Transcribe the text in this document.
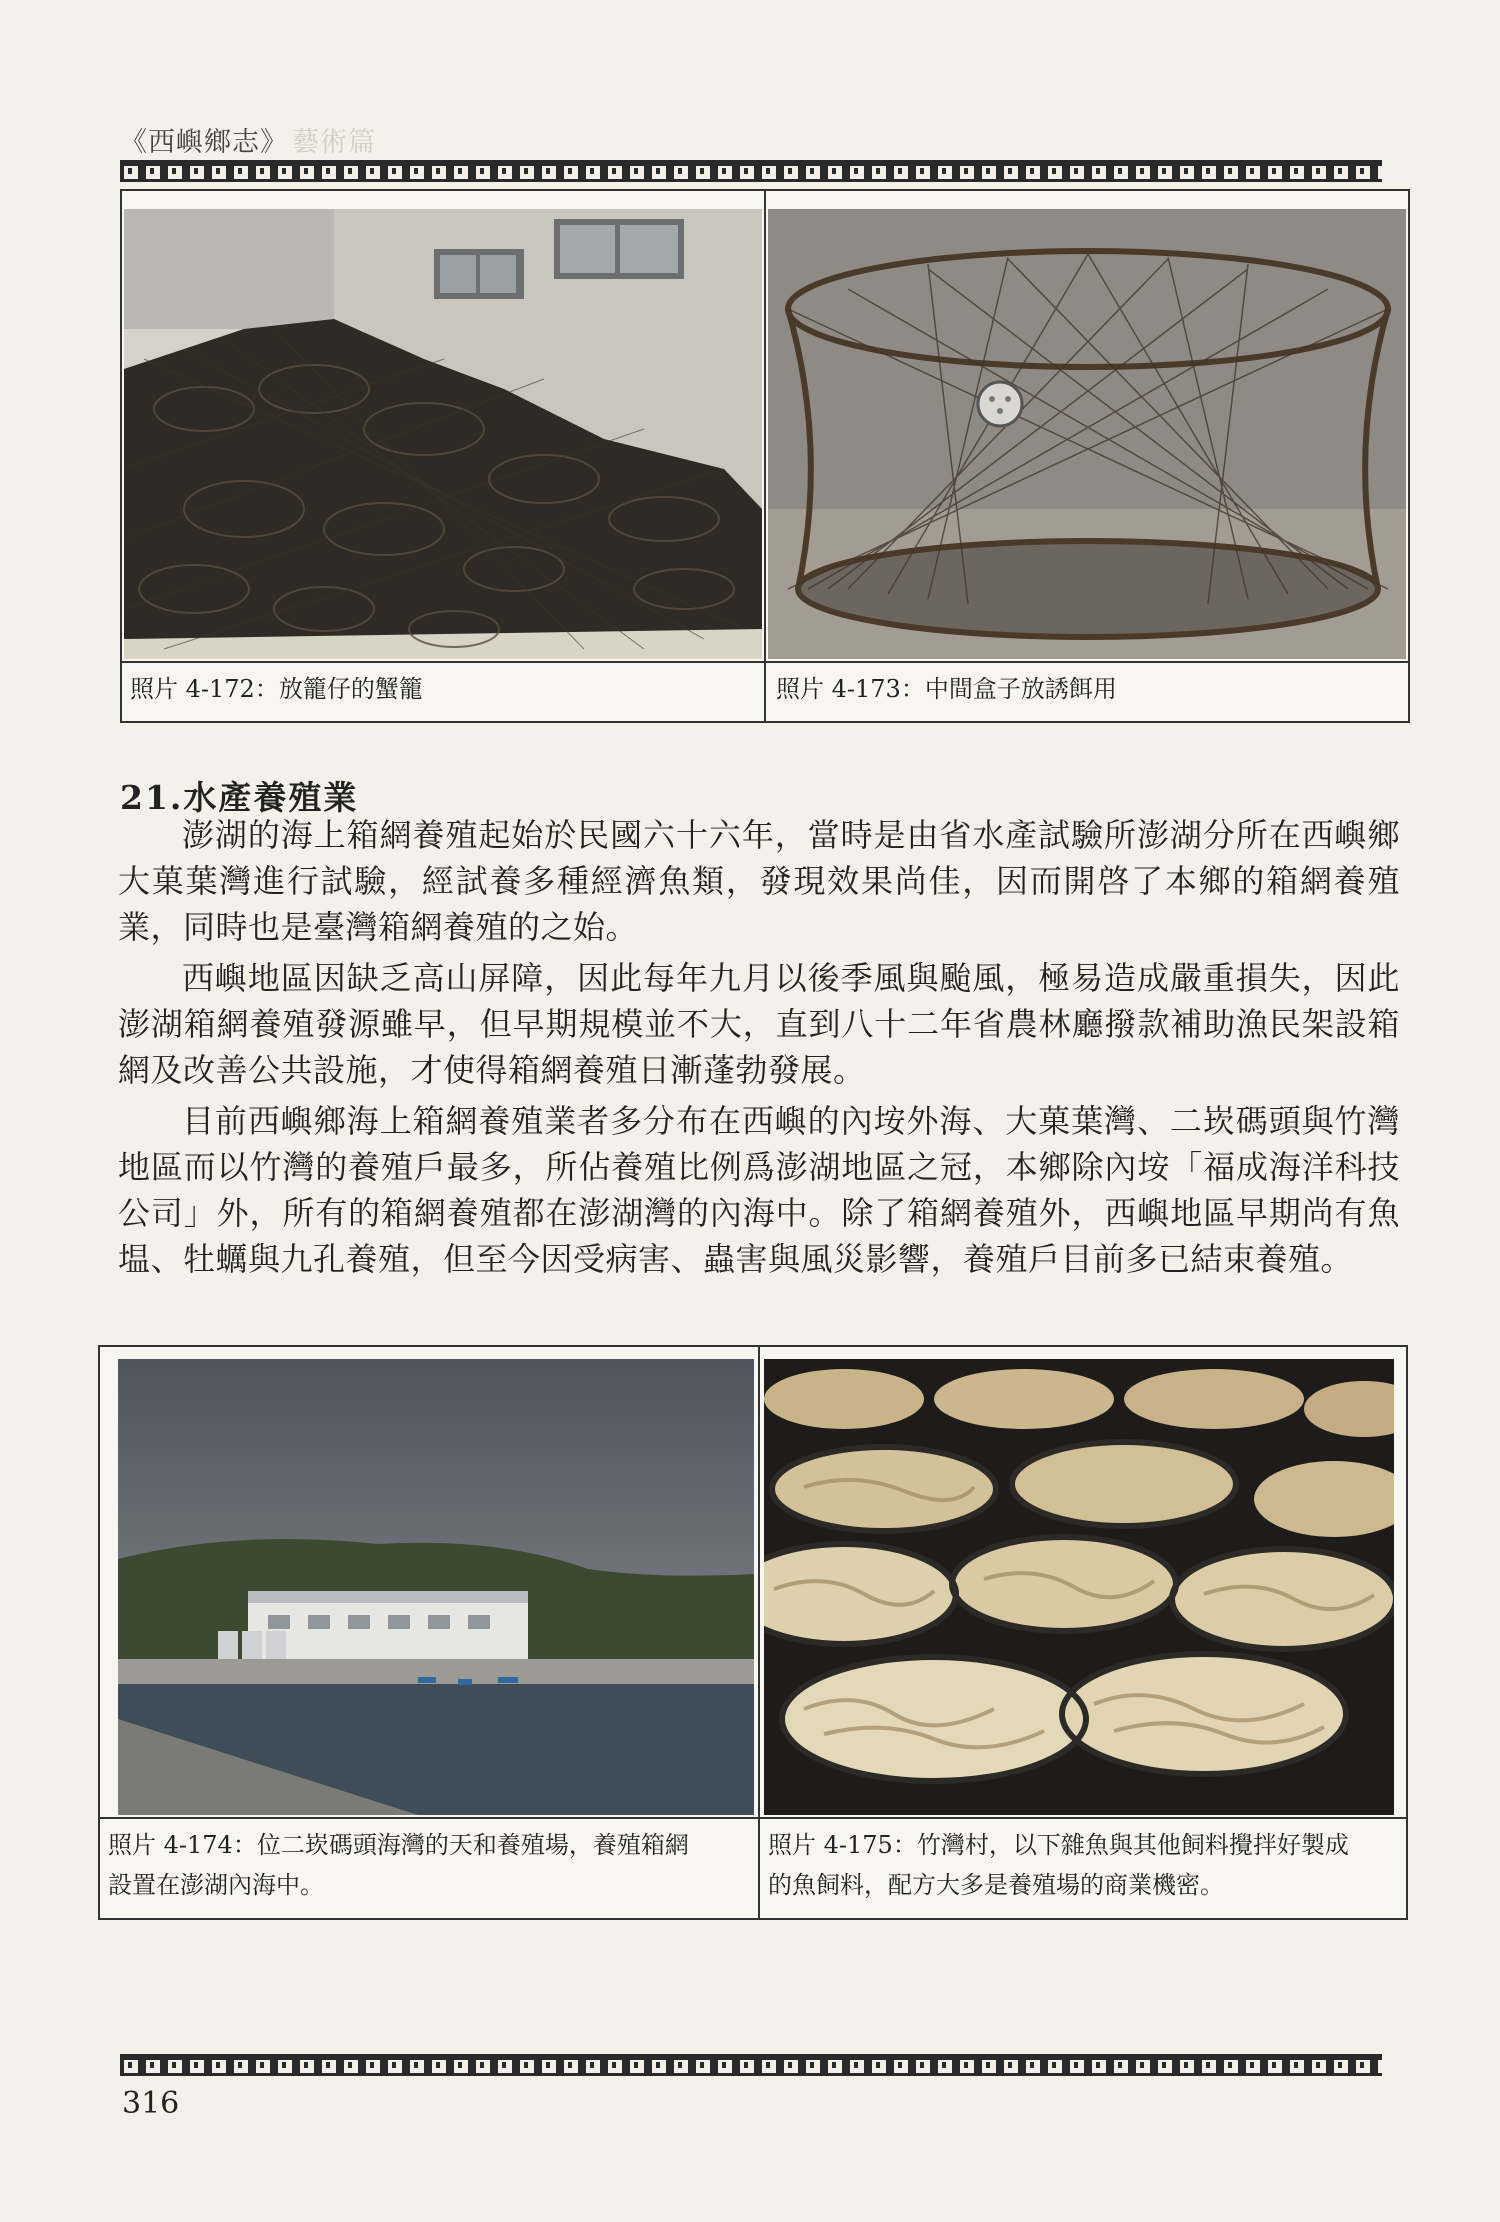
《西嶼鄉志》 藝術篇
照片 4-172：放籠仔的蟹籠	照片 4-173：中間盒子放誘餌用
21.水產養殖業

澎湖的海上箱網養殖起始於民國六十六年，當時是由省水產試驗所澎湖分所在西嶼鄉大菓葉灣進行試驗，經試養多種經濟魚類，發現效果尚佳，因而開啓了本鄉的箱網養殖業，同時也是臺灣箱網養殖的之始。

西嶼地區因缺乏高山屏障，因此每年九月以後季風與颱風，極易造成嚴重損失，因此澎湖箱網養殖發源雖早，但早期規模並不大，直到八十二年省農林廳撥款補助漁民架設箱網及改善公共設施，才使得箱網養殖日漸蓬勃發展。

目前西嶼鄉海上箱網養殖業者多分布在西嶼的內垵外海、大菓葉灣、二崁碼頭與竹灣地區而以竹灣的養殖戶最多，所佔養殖比例爲澎湖地區之冠，本鄉除內垵「福成海洋科技公司」外，所有的箱網養殖都在澎湖灣的內海中。除了箱網養殖外，西嶼地區早期尚有魚塭、牡蠣與九孔養殖，但至今因受病害、蟲害與風災影響，養殖戶目前多已結束養殖。

照片 4-174：位二崁碼頭海灣的天和養殖場，養殖箱網
設置在澎湖內海中。
照片 4-175：竹灣村，以下雜魚與其他飼料攪拌好製成
的魚飼料，配方大多是養殖場的商業機密。
316
